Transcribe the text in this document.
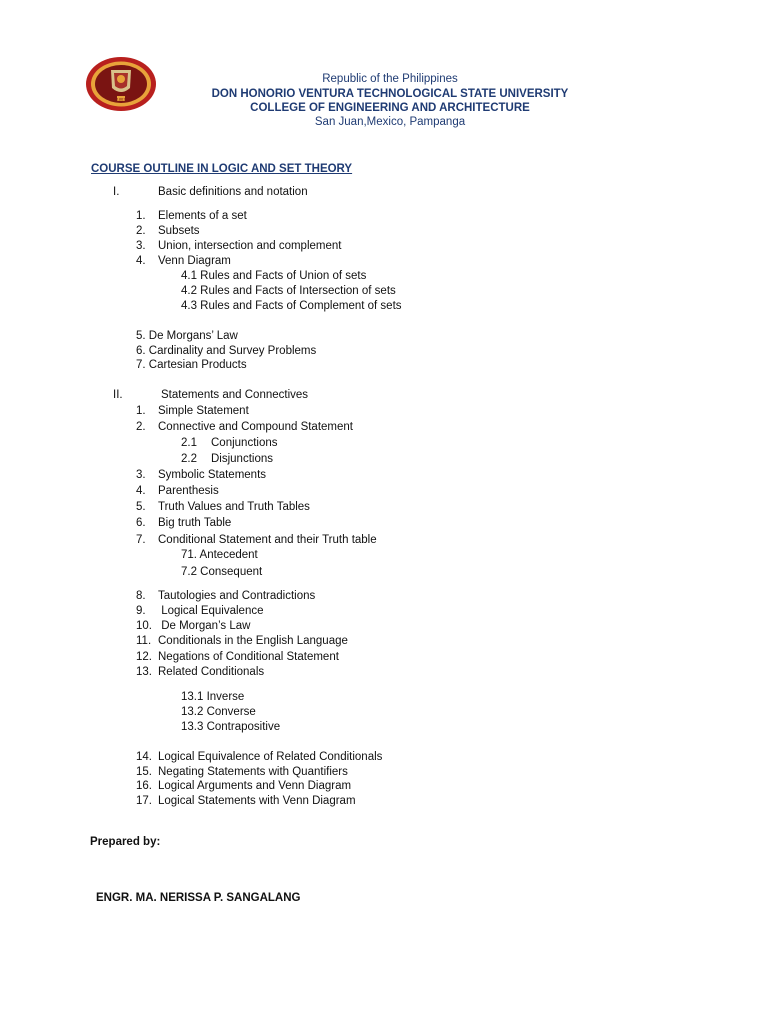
1861
Republic of the Philippines
DON HONORIO VENTURA TECHNOLOGICAL STATE UNIVERSITY
COLLEGE OF ENGINEERING AND ARCHITECTURE
San Juan,Mexico, Pampanga
COURSE OUTLINE IN LOGIC AND SET THEORY
I.	Basic definitions and notation
1. Elements of a set
2. Subsets
3. Union, intersection and complement
4. Venn Diagram
4.1 Rules and Facts of Union of sets
4.2 Rules and Facts of Intersection of sets
4.3 Rules and Facts of Complement of sets
5. De Morgans’ Law
6. Cardinality and Survey Problems
7. Cartesian Products
II.	Statements and Connectives
1. Simple Statement
2. Connective and Compound Statement
2.1 Conjunctions
2.2 Disjunctions
3. Symbolic Statements
4. Parenthesis
5. Truth Values and Truth Tables
6. Big truth Table
7. Conditional Statement and their Truth table
71. Antecedent
7.2 Consequent
8. Tautologies and Contradictions
9. Logical Equivalence
10. De Morgan’s Law
11. Conditionals in the English Language
12. Negations of Conditional Statement
13. Related Conditionals
13.1 Inverse
13.2 Converse
13.3 Contrapositive
14. Logical Equivalence of Related Conditionals
15. Negating Statements with Quantifiers
16. Logical Arguments and Venn Diagram
17. Logical Statements with Venn Diagram
Prepared by:
ENGR. MA. NERISSA P. SANGALANG
